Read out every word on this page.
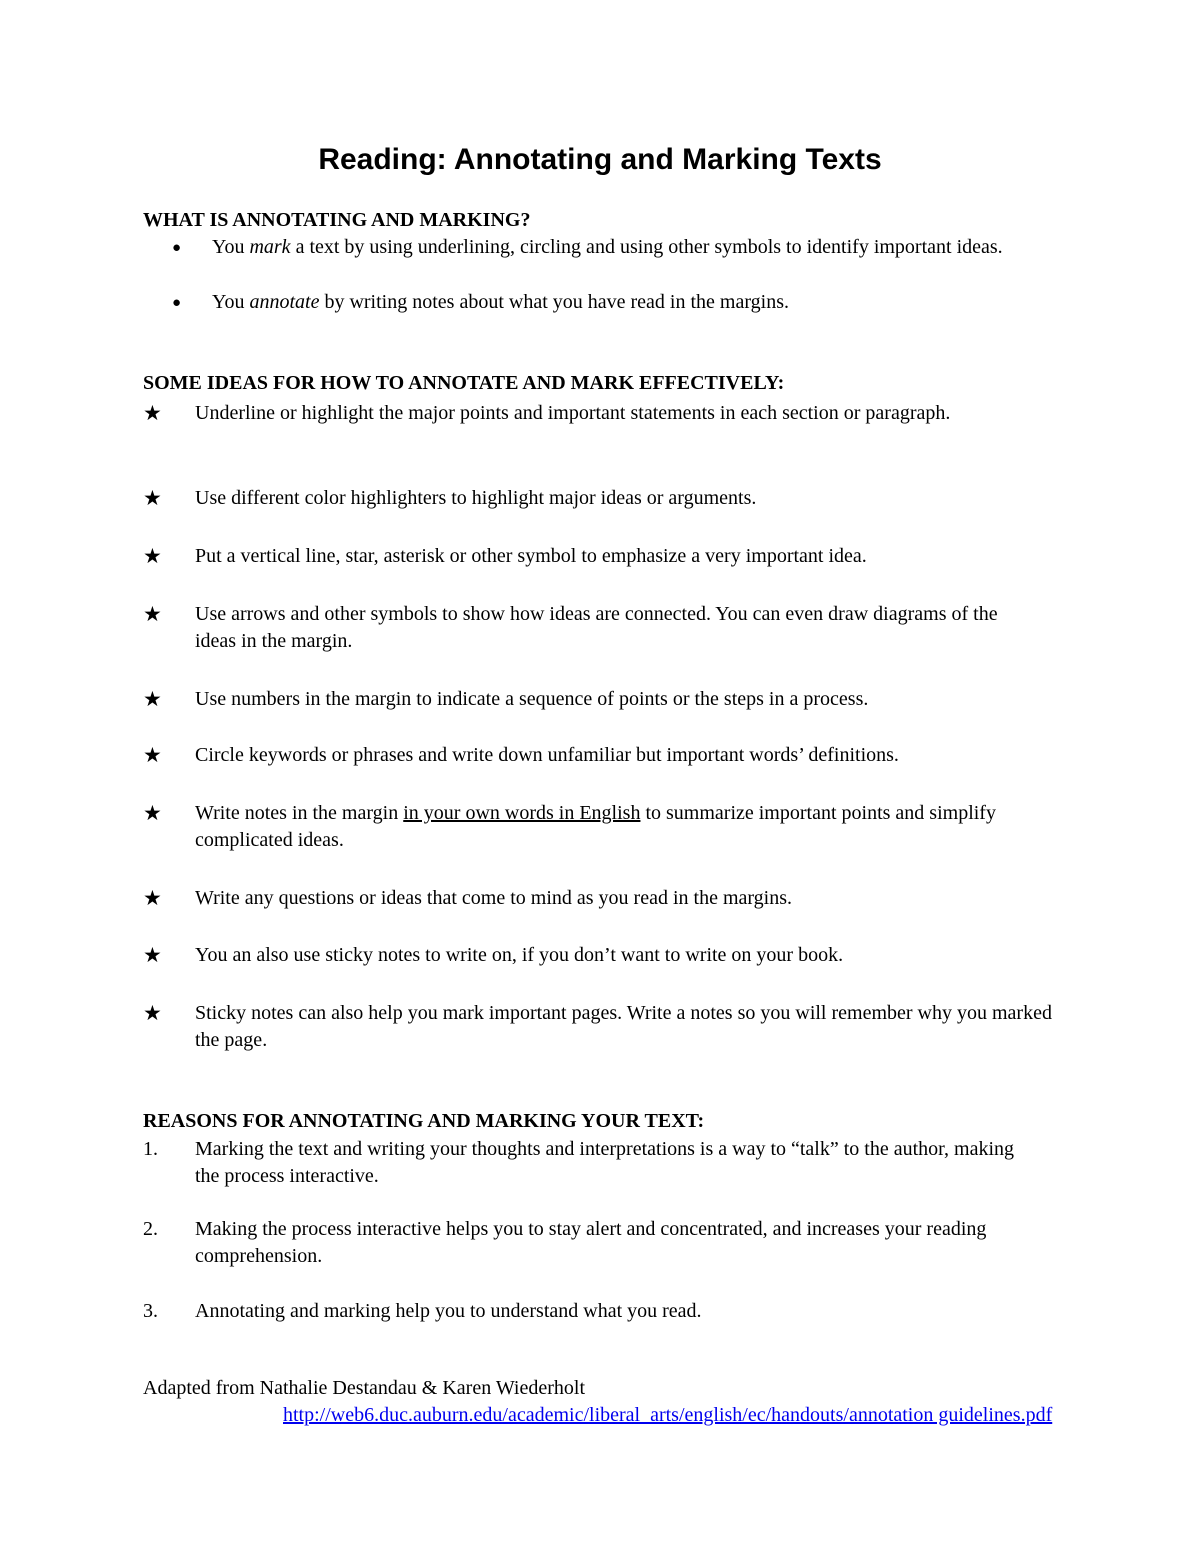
Reading: Annotating and Marking Texts
WHAT IS ANNOTATING AND MARKING?
● You mark a text by using underlining, circling and using other symbols to identify important ideas.
● You annotate by writing notes about what you have read in the margins.
SOME IDEAS FOR HOW TO ANNOTATE AND MARK EFFECTIVELY:
★ Underline or highlight the major points and important statements in each section or paragraph.
★ Use different color highlighters to highlight major ideas or arguments.
★ Put a vertical line, star, asterisk or other symbol to emphasize a very important idea.
★ Use arrows and other symbols to show how ideas are connected. You can even draw diagrams of the ideas in the margin.
★ Use numbers in the margin to indicate a sequence of points or the steps in a process.
★ Circle keywords or phrases and write down unfamiliar but important words’ definitions.
★ Write notes in the margin in your own words in English to summarize important points and simplify complicated ideas.
★ Write any questions or ideas that come to mind as you read in the margins.
★ You an also use sticky notes to write on, if you don’t want to write on your book.
★ Sticky notes can also help you mark important pages. Write a notes so you will remember why you marked the page.
REASONS FOR ANNOTATING AND MARKING YOUR TEXT:
1. Marking the text and writing your thoughts and interpretations is a way to “talk” to the author, making the process interactive.
2. Making the process interactive helps you to stay alert and concentrated, and increases your reading comprehension.
3. Annotating and marking help you to understand what you read.
Adapted from Nathalie Destandau & Karen Wiederholt
http://web6.duc.auburn.edu/academic/liberal_arts/english/ec/handouts/annotation guidelines.pdf
